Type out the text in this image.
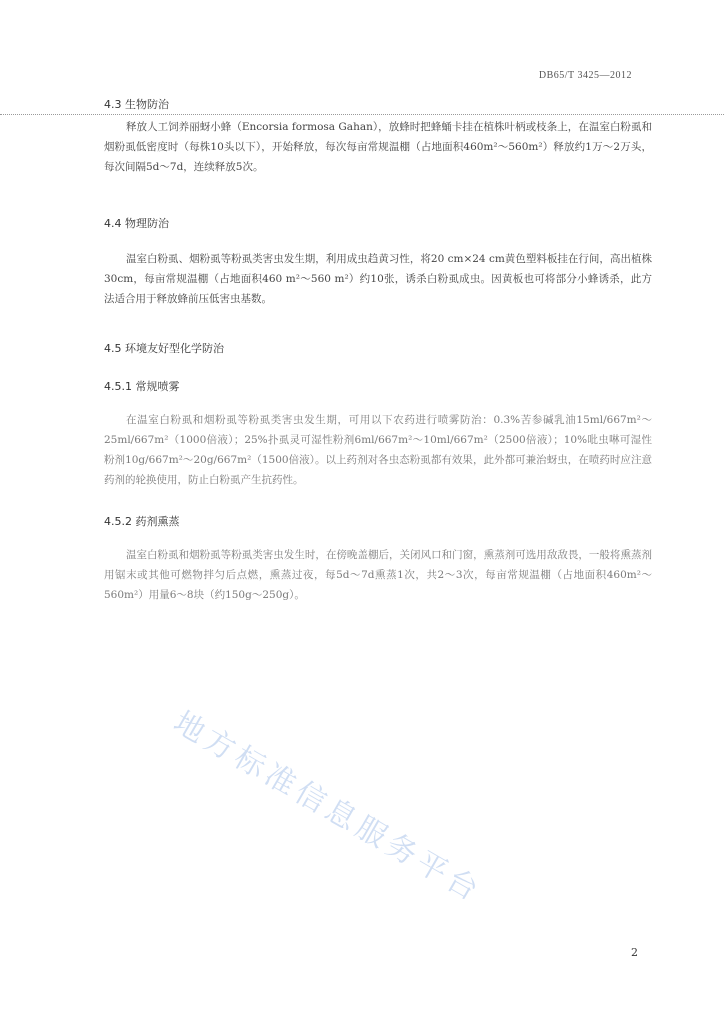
DB65/T 3425—2012
4.3 生物防治

释放人工饲养丽蚜小蜂（Encorsia formosa Gahan），放蜂时把蜂蛹卡挂在植株叶柄或枝条上，在温室白粉虱和烟粉虱低密度时（每株10头以下），开始释放，每次每亩常规温棚（占地面积460m²～560m²）释放约1万～2万头，每次间隔5d～7d，连续释放5次。

4.4 物理防治

温室白粉虱、烟粉虱等粉虱类害虫发生期，利用成虫趋黄习性，将20 cm×24 cm黄色塑料板挂在行间，高出植株30cm，每亩常规温棚（占地面积460 m²～560 m²）约10张，诱杀白粉虱成虫。因黄板也可将部分小蜂诱杀，此方法适合用于释放蜂前压低害虫基数。

4.5 环境友好型化学防治
4.5.1 常规喷雾

在温室白粉虱和烟粉虱等粉虱类害虫发生期，可用以下农药进行喷雾防治：0.3%苦参碱乳油15ml/667m²～25ml/667m²（1000倍液）；25%扑虱灵可湿性粉剂6ml/667m²～10ml/667m²（2500倍液）；10%吡虫啉可湿性粉剂10g/667m²～20g/667m²（1500倍液）。以上药剂对各虫态粉虱都有效果，此外都可兼治蚜虫，在喷药时应注意药剂的轮换使用，防止白粉虱产生抗药性。

4.5.2 药剂熏蒸

温室白粉虱和烟粉虱等粉虱类害虫发生时，在傍晚盖棚后，关闭风口和门窗，熏蒸剂可选用敌敌畏，一般将熏蒸剂用锯末或其他可燃物拌匀后点燃，熏蒸过夜，每5d～7d熏蒸1次，共2～3次，每亩常规温棚（占地面积460m²～560m²）用量6～8块（约150g～250g）。

地方标准信息服务平台
2
